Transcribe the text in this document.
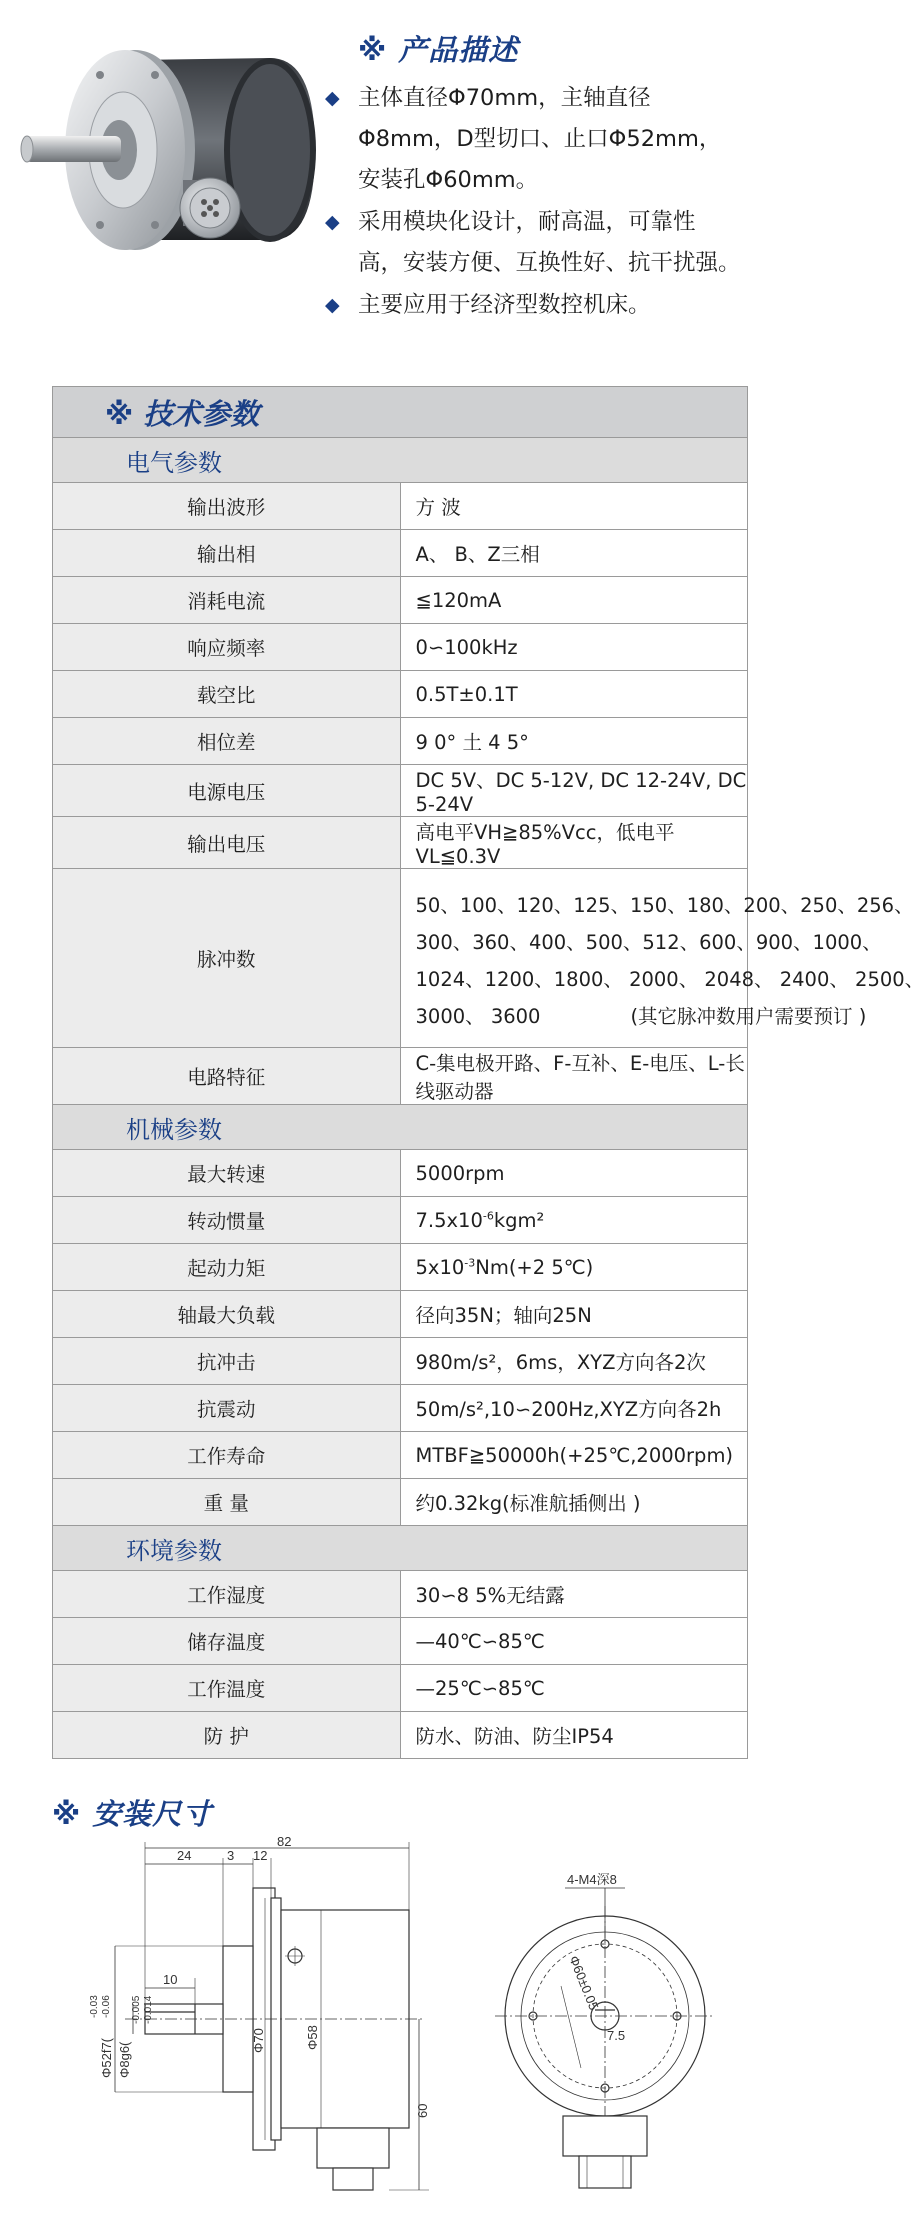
※ 产品描述
◆ 主体直径Φ70mm，主轴直径
Φ8mm，D型切口、止口Φ52mm，
安装孔Φ60mm。
◆ 采用模块化设计，耐高温，可靠性
高，安装方便、互换性好、抗干扰强。
◆ 主要应用于经济型数控机床。
※ 技术参数	
电气参数	
输出波形	方 波
输出相	A、 B、Z三相
消耗电流	≦120mA
响应频率	0∽100kHz
载空比	0.5T±0.1T
相位差	9 0° 土 4 5°
电源电压	DC 5V、DC 5-12V, DC 12-24V, DC 5-24V
输出电压	高电平VH≧85%Vcc，低电平VL≦0.3V
脉冲数	50、100、120、125、150、180、200、250、256、
300、360、400、500、512、600、900、1000、
1024、1200、1800、 2000、 2048、 2400、 2500、
3000、 3600 (其它脉冲数用户需要预订 )

电路特征	C-集电极开路、F-互补、E-电压、L-长线驱动器
机械参数	
最大转速	5000rpm
转动惯量	$7.5x10^{-6}kgm^2$
起动力矩	$5x10^{-3}Nm(+2$ 5℃)
轴最大负载	径向35N；轴向25N
抗冲击	980m/s²，6ms，XYZ方向各2次
抗震动	50m/s²,10∽200Hz,XYZ方向各2h
工作寿命	MTBF≧50000h(+25℃,2000rpm)
重 量	约0.32kg(标准航插侧出 )
环境参数	
工作湿度	30∽8 5%无结露
储存温度	—40℃∽85℃
工作温度	—25℃∽85℃
防 护	防水、防油、防尘IP54
※ 安装尺寸
82
24	3 12
10
60
Φ70	Φ58
Φ52f7(
-0.03 -0.06
Φ8g6(
-0.005 -0.014
4-M4深8
Φ60±0.05
7.5
